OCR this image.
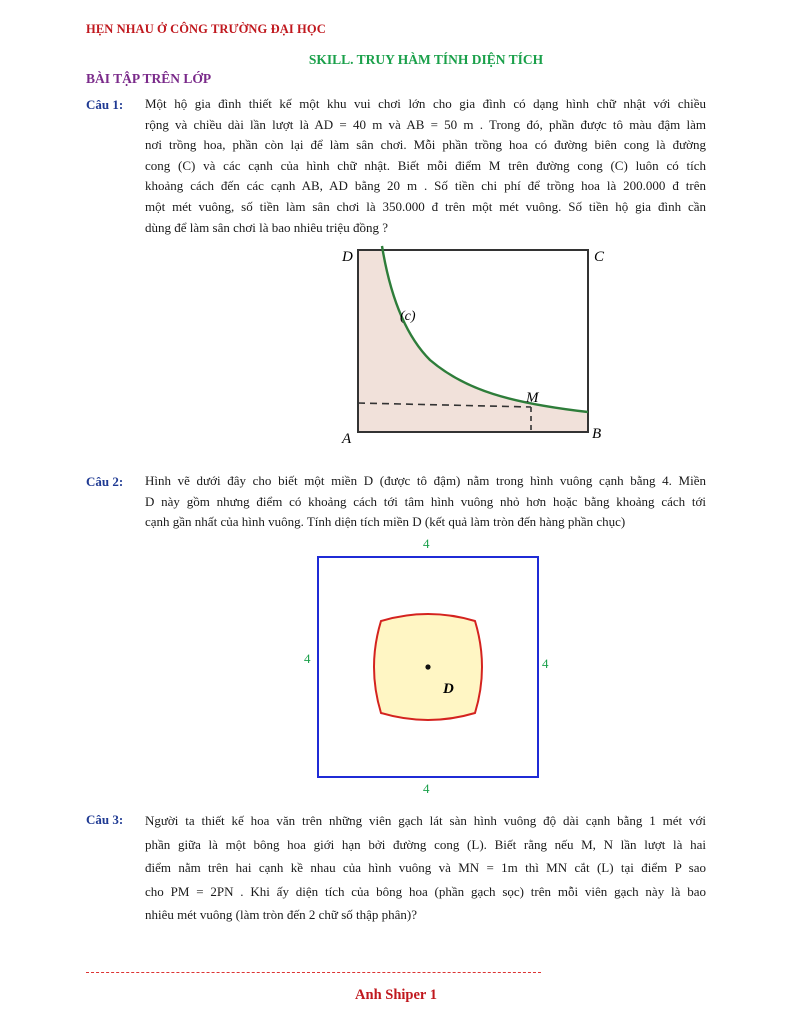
HẸN NHAU Ở CÔNG TRƯỜNG ĐẠI HỌC
SKILL. TRUY HÀM TÍNH DIỆN TÍCH
BÀI TẬP TRÊN LỚP
Câu 1: Một hộ gia đình thiết kế một khu vui chơi lớn cho gia đình có dạng hình chữ nhật với chiều
rộng và chiều dài lần lượt là AD = 40 m và AB = 50 m . Trong đó, phần được tô màu đậm làm
nơi trồng hoa, phần còn lại để làm sân chơi. Mỗi phần trồng hoa có đường biên cong là đường
cong (C) và các cạnh của hình chữ nhật. Biết mỗi điểm M trên đường cong (C) luôn có tích
khoảng cách đến các cạnh AB, AD bằng 20 m . Số tiền chi phí để trồng hoa là 200.000 đ trên
một mét vuông, số tiền làm sân chơi là 350.000 đ trên một mét vuông. Số tiền hộ gia đình cần
dùng để làm sân chơi là bao nhiêu triệu đồng ?
D	C
A	B
M
(c)
Câu 2: Hình vẽ dưới đây cho biết một miền D (được tô đậm) nằm trong hình vuông cạnh bằng 4. Miền
D này gồm nhưng điểm có khoảng cách tới tâm hình vuông nhỏ hơn hoặc bằng khoảng cách tới
cạnh gần nhất của hình vuông. Tính diện tích miền D (kết quả làm tròn đến hàng phần chục)
4
4	4
4
D
Câu 3: Người ta thiết kế hoa văn trên những viên gạch lát sàn hình vuông độ dài cạnh bằng 1 mét với
phần giữa là một bông hoa giới hạn bởi đường cong (L). Biết rằng nếu M, N lần lượt là hai
điểm nằm trên hai cạnh kề nhau của hình vuông và MN = 1m thì MN cắt (L) tại điểm P sao
cho PM = 2PN . Khi ấy diện tích của bông hoa (phần gạch sọc) trên mỗi viên gạch này là bao
nhiêu mét vuông (làm tròn đến 2 chữ số thập phân)?
Anh Shiper 1
